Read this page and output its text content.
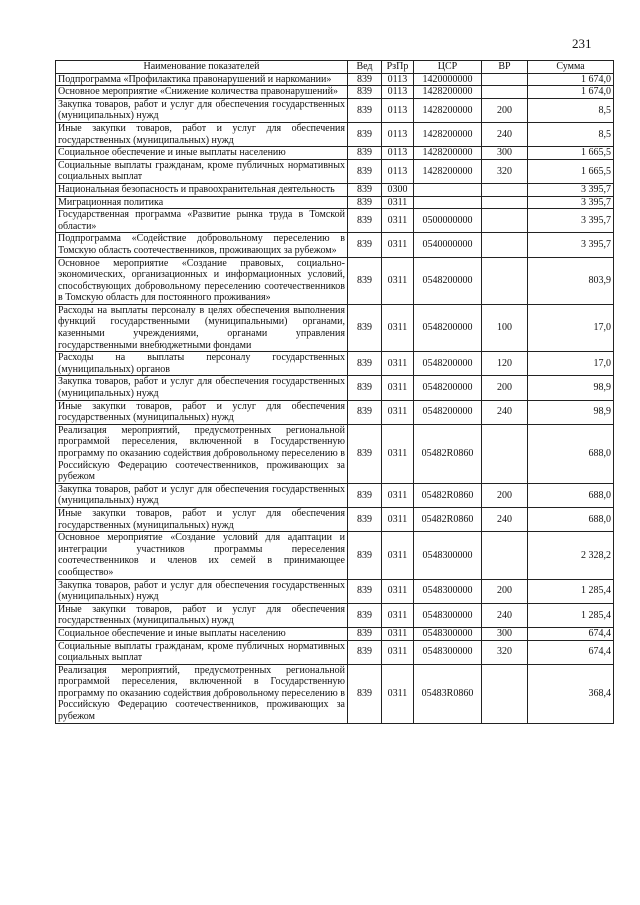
231
Наименование показателей	Вед	РзПр	ЦСР	ВР	Сумма
Подпрограмма «Профилактика правонарушений и наркомании»	839	0113	1420000000		1 674,0
Основное мероприятие «Снижение количества правонарушений»	839	0113	1428200000		1 674,0
Закупка товаров, работ и услуг для обеспечения государственных (муниципальных) нужд	839	0113	1428200000	200	8,5
Иные закупки товаров, работ и услуг для обеспечения государственных (муниципальных) нужд	839	0113	1428200000	240	8,5
Социальное обеспечение и иные выплаты населению	839	0113	1428200000	300	1 665,5
Социальные выплаты гражданам, кроме публичных нормативных социальных выплат	839	0113	1428200000	320	1 665,5
Национальная безопасность и правоохранительная деятельность	839	0300			3 395,7
Миграционная политика	839	0311			3 395,7
Государственная программа «Развитие рынка труда в Томской области»	839	0311	0500000000		3 395,7
Подпрограмма «Содействие добровольному переселению в Томскую область соотечественников, проживающих за рубежом»	839	0311	0540000000		3 395,7
Основное мероприятие «Создание правовых, социально-экономических, организационных и информационных условий, способствующих добровольному переселению соотечественников в Томскую область для постоянного проживания»	839	0311	0548200000		803,9
Расходы на выплаты персоналу в целях обеспечения выполнения функций государственными (муниципальными) органами, казенными учреждениями, органами управления государственными внебюджетными фондами	839	0311	0548200000	100	17,0
Расходы на выплаты персоналу государственных (муниципальных) органов	839	0311	0548200000	120	17,0
Закупка товаров, работ и услуг для обеспечения государственных (муниципальных) нужд	839	0311	0548200000	200	98,9
Иные закупки товаров, работ и услуг для обеспечения государственных (муниципальных) нужд	839	0311	0548200000	240	98,9
Реализация мероприятий, предусмотренных региональной программой переселения, включенной в Государственную программу по оказанию содействия добровольному переселению в Российскую Федерацию соотечественников, проживающих за рубежом	839	0311	05482R0860		688,0
Закупка товаров, работ и услуг для обеспечения государственных (муниципальных) нужд	839	0311	05482R0860	200	688,0
Иные закупки товаров, работ и услуг для обеспечения государственных (муниципальных) нужд	839	0311	05482R0860	240	688,0
Основное мероприятие «Создание условий для адаптации и интеграции участников программы переселения соотечественников и членов их семей в принимающее сообщество»	839	0311	0548300000		2 328,2
Закупка товаров, работ и услуг для обеспечения государственных (муниципальных) нужд	839	0311	0548300000	200	1 285,4
Иные закупки товаров, работ и услуг для обеспечения государственных (муниципальных) нужд	839	0311	0548300000	240	1 285,4
Социальное обеспечение и иные выплаты населению	839	0311	0548300000	300	674,4
Социальные выплаты гражданам, кроме публичных нормативных социальных выплат	839	0311	0548300000	320	674,4
Реализация мероприятий, предусмотренных региональной программой переселения, включенной в Государственную программу по оказанию содействия добровольному переселению в Российскую Федерацию соотечественников, проживающих за рубежом	839	0311	05483R0860		368,4
